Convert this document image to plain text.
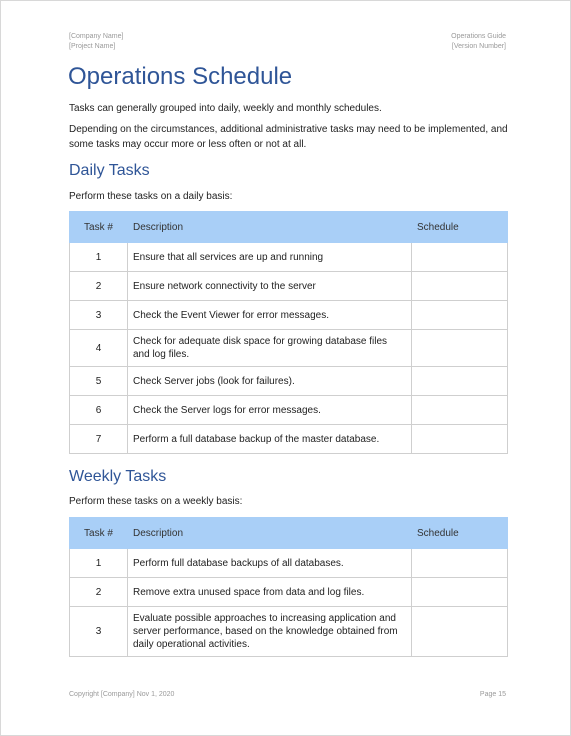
[Company Name]
[Project Name]
Operations Guide
[Version Number]
Operations Schedule

Tasks can generally grouped into daily, weekly and monthly schedules.

Depending on the circumstances, additional administrative tasks may need to be implemented, and some tasks may occur more or less often or not at all.

Daily Tasks

Perform these tasks on a daily basis:

Task #	Description	Schedule
1	Ensure that all services are up and running	
2	Ensure network connectivity to the server	
3	Check the Event Viewer for error messages.	
4	Check for adequate disk space for growing database files and log files.	
5	Check Server jobs (look for failures).	
6	Check the Server logs for error messages.	
7	Perform a full database backup of the master database.	
Weekly Tasks

Perform these tasks on a weekly basis:

Task #	Description	Schedule
1	Perform full database backups of all databases.	
2	Remove extra unused space from data and log files.	
3	Evaluate possible approaches to increasing application and server performance, based on the knowledge obtained from daily operational activities.	
Copyright [Company] Nov 1, 2020	Page 15
